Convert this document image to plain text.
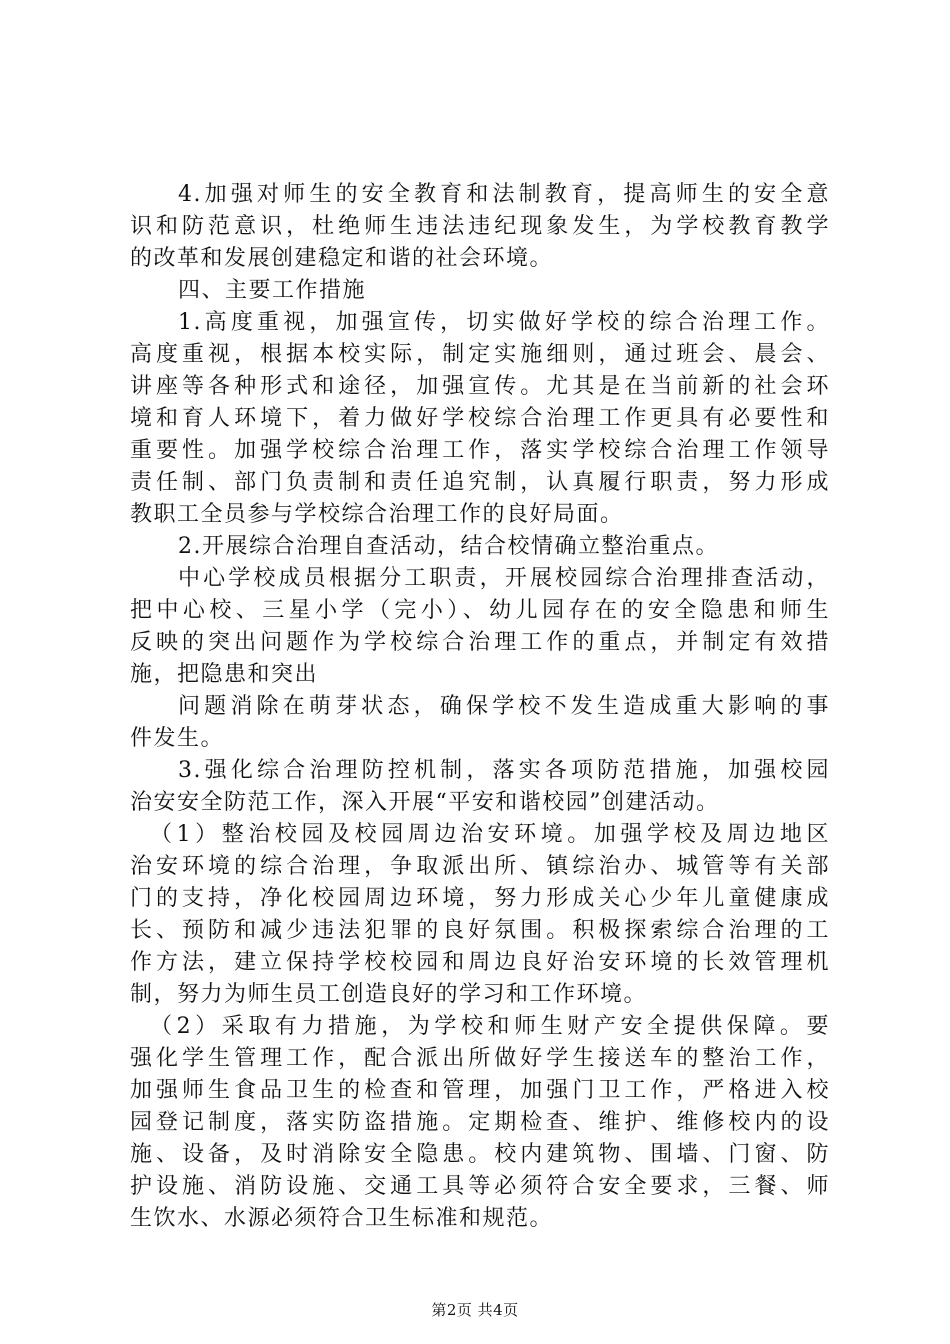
4.加强对师生的安全教育和法制教育，提高师生的安全意
识和防范意识，杜绝师生违法违纪现象发生，为学校教育教学
的改革和发展创建稳定和谐的社会环境。
四、主要工作措施
1.高度重视，加强宣传，切实做好学校的综合治理工作。
高度重视，根据本校实际，制定实施细则，通过班会、晨会、
讲座等各种形式和途径，加强宣传。尤其是在当前新的社会环
境和育人环境下，着力做好学校综合治理工作更具有必要性和
重要性。加强学校综合治理工作，落实学校综合治理工作领导
责任制、部门负责制和责任追究制，认真履行职责，努力形成
教职工全员参与学校综合治理工作的良好局面。
2.开展综合治理自查活动，结合校情确立整治重点。
中心学校成员根据分工职责，开展校园综合治理排查活动，
把中心校、三星小学（完小）、幼儿园存在的安全隐患和师生
反映的突出问题作为学校综合治理工作的重点，并制定有效措
施，把隐患和突出
问题消除在萌芽状态，确保学校不发生造成重大影响的事
件发生。
3.强化综合治理防控机制，落实各项防范措施，加强校园
治安安全防范工作，深入开展“平安和谐校园”创建活动。
（1）整治校园及校园周边治安环境。加强学校及周边地区
治安环境的综合治理，争取派出所、镇综治办、城管等有关部
门的支持，净化校园周边环境，努力形成关心少年儿童健康成
长、预防和减少违法犯罪的良好氛围。积极探索综合治理的工
作方法，建立保持学校校园和周边良好治安环境的长效管理机
制，努力为师生员工创造良好的学习和工作环境。
（2）采取有力措施，为学校和师生财产安全提供保障。要
强化学生管理工作，配合派出所做好学生接送车的整治工作，
加强师生食品卫生的检查和管理，加强门卫工作，严格进入校
园登记制度，落实防盗措施。定期检查、维护、维修校内的设
施、设备，及时消除安全隐患。校内建筑物、围墙、门窗、防
护设施、消防设施、交通工具等必须符合安全要求，三餐、师
生饮水、水源必须符合卫生标准和规范。
第2页 共4页
